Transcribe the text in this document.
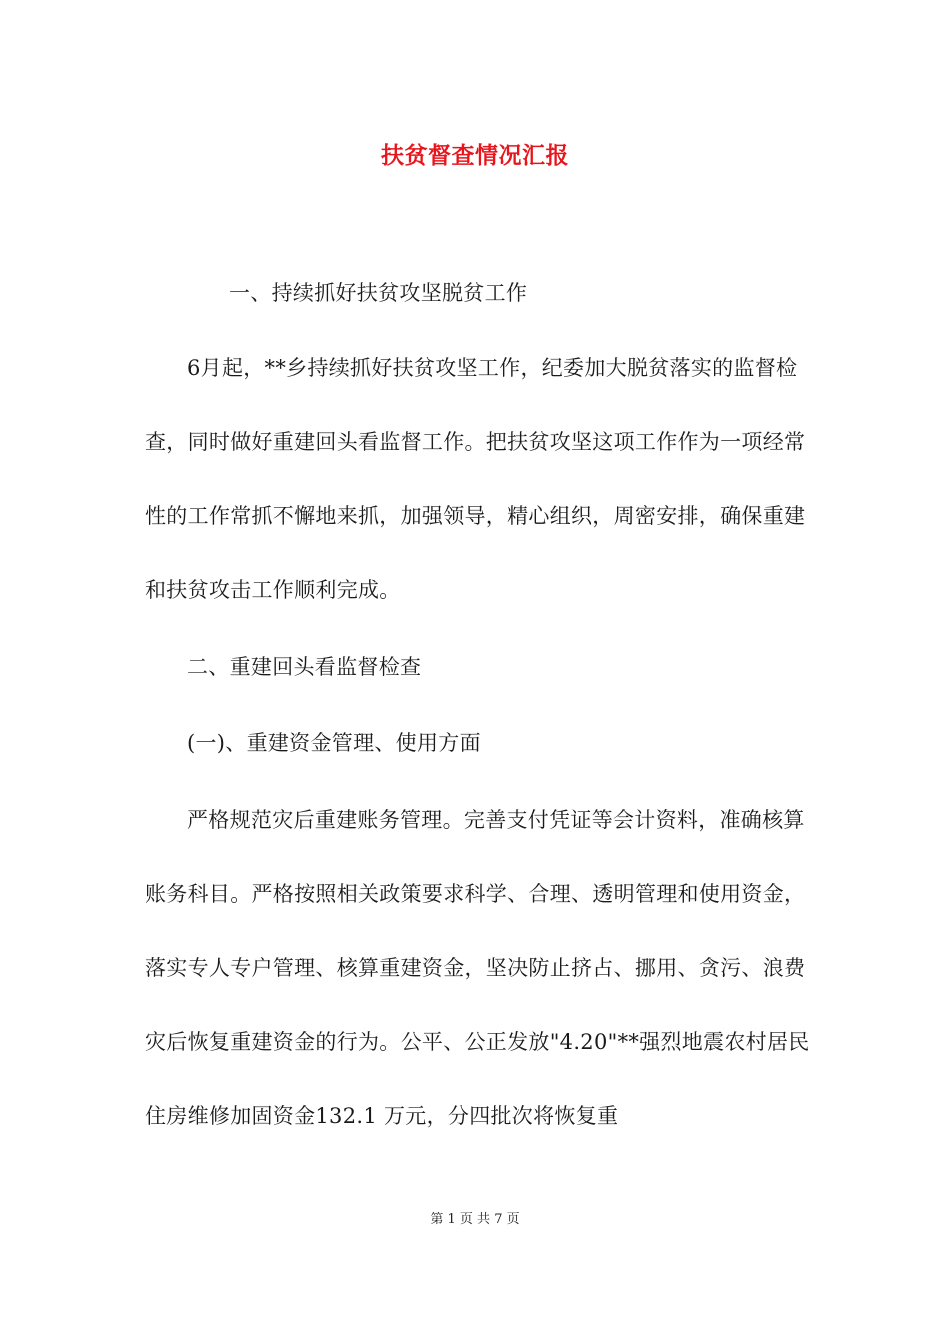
扶贫督查情况汇报

一、持续抓好扶贫攻坚脱贫工作

6月起，**乡持续抓好扶贫攻坚工作，纪委加大脱贫落实的监督检查，同时做好重建回头看监督工作。把扶贫攻坚这项工作作为一项经常性的工作常抓不懈地来抓，加强领导，精心组织，周密安排，确保重建和扶贫攻击工作顺利完成。

二、重建回头看监督检查

(一)、重建资金管理、使用方面

严格规范灾后重建账务管理。完善支付凭证等会计资料，准确核算账务科目。严格按照相关政策要求科学、合理、透明管理和使用资金，落实专人专户管理、核算重建资金，坚决防止挤占、挪用、贪污、浪费灾后恢复重建资金的行为。公平、公正发放"4.20"**强烈地震农村居民住房维修加固资金132.1 万元，分四批次将恢复重

第 1 页 共 7 页
